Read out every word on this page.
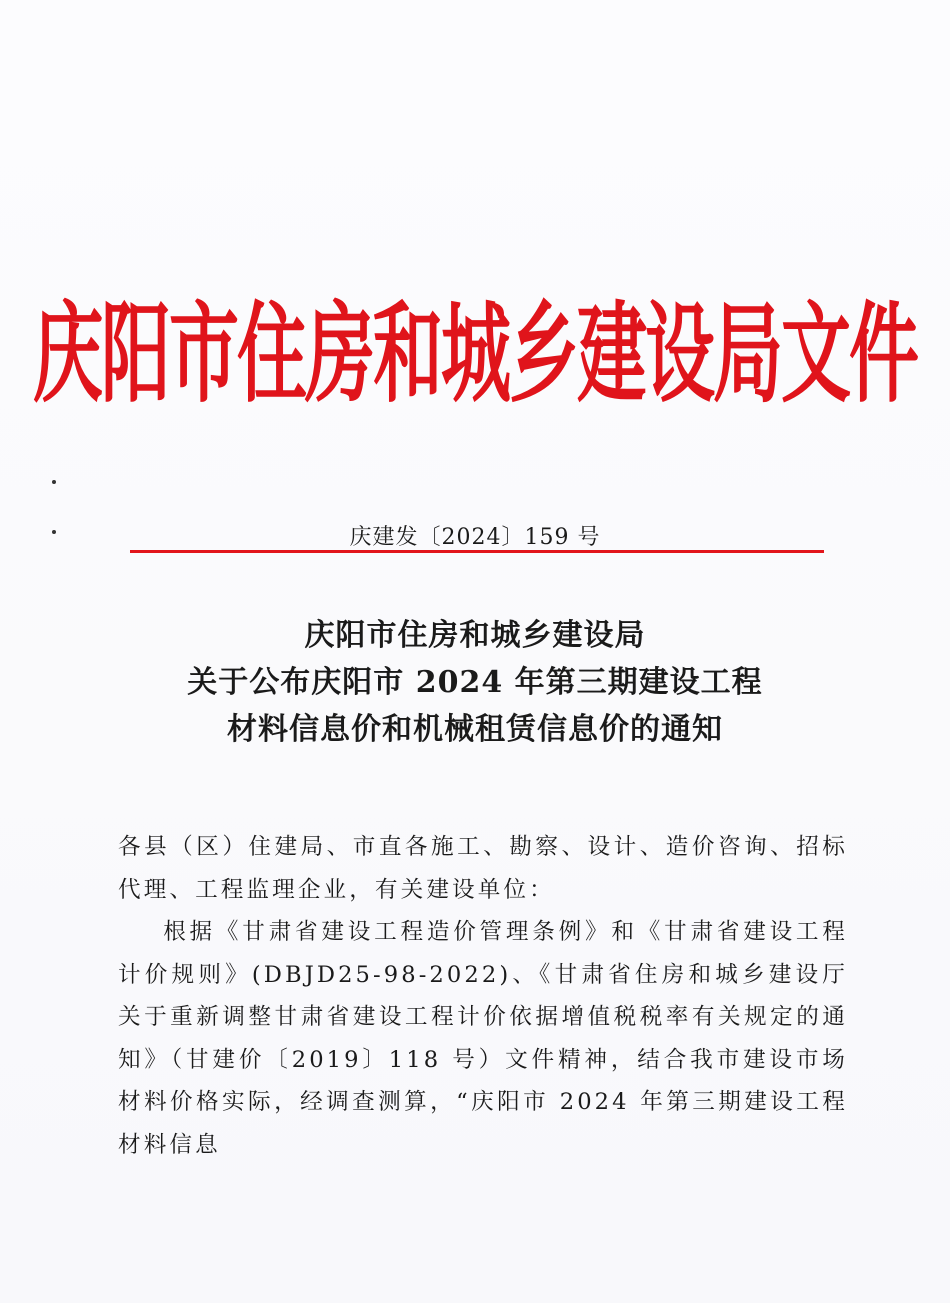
庆阳市住房和城乡建设局文件
庆建发〔2024〕159 号
庆阳市住房和城乡建设局
关于公布庆阳市 2024 年第三期建设工程
材料信息价和机械租赁信息价的通知

各县（区）住建局、市直各施工、勘察、设计、造价咨询、招标代理、工程监理企业，有关建设单位：

根据《甘肃省建设工程造价管理条例》和《甘肃省建设工程计价规则》(DBJD25-98-2022)、《甘肃省住房和城乡建设厅关于重新调整甘肃省建设工程计价依据增值税税率有关规定的通知》（甘建价〔2019〕118 号）文件精神，结合我市建设市场材料价格实际，经调查测算，“庆阳市 2024 年第三期建设工程材料信息
